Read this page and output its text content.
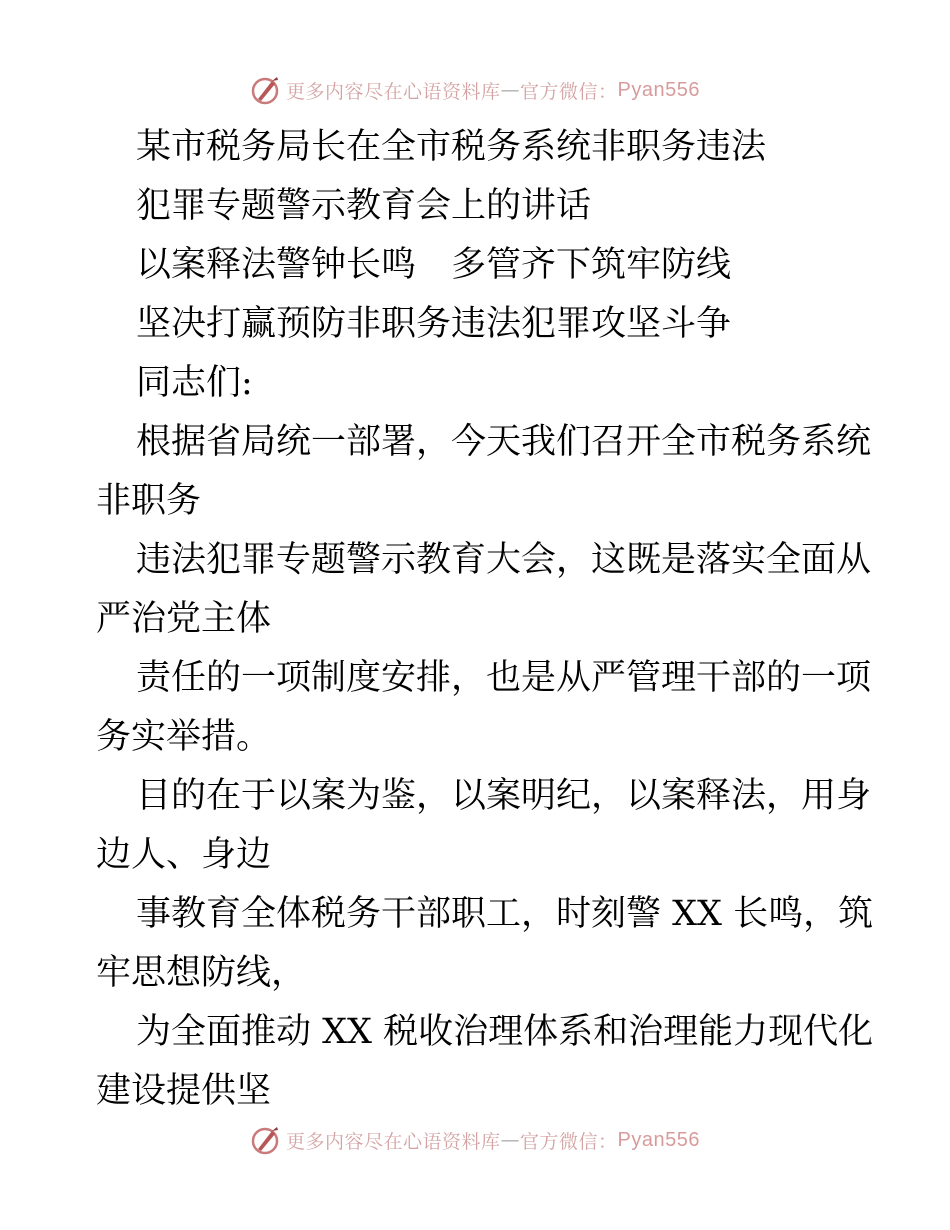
更多内容尽在心语资料库 — 官方微信： Pyan556
某市税务局长在全市税务系统非职务违法
犯罪专题警示教育会上的讲话
以案释法警钟长鸣　多管齐下筑牢防线
坚决打赢预防非职务违法犯罪攻坚斗争
同志们:
根据省局统一部署，今天我们召开全市税务系统
非职务
违法犯罪专题警示教育大会，这既是落实全面从
严治党主体
责任的一项制度安排，也是从严管理干部的一项
务实举措。
目的在于以案为鉴，以案明纪，以案释法，用身
边人、身边
事教育全体税务干部职工，时刻警 XX 长鸣，筑
牢思想防线，
为全面推动 XX 税收治理体系和治理能力现代化
建设提供坚
更多内容尽在心语资料库 — 官方微信： Pyan556
